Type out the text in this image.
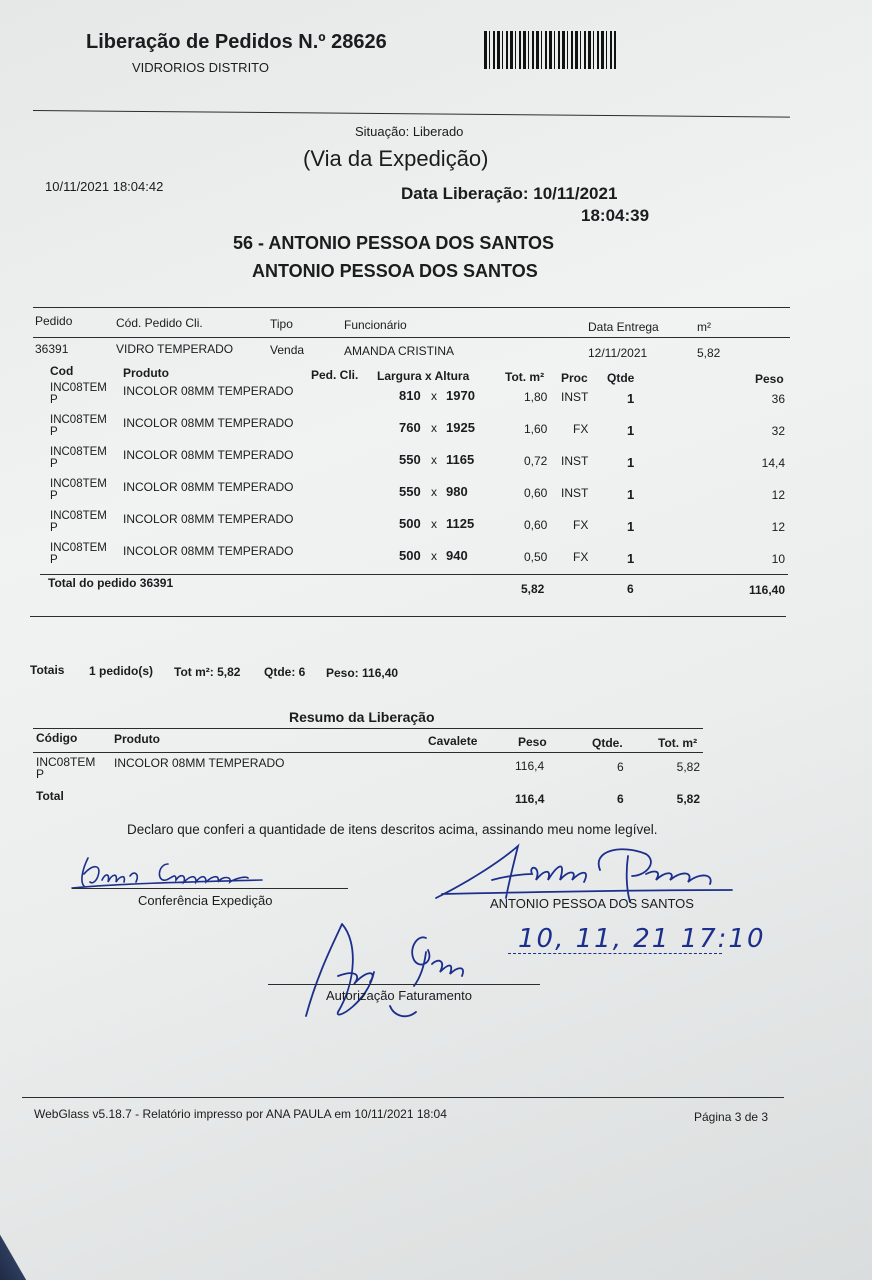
Liberação de Pedidos N.º 28626
VIDRORIOS DISTRITO
Situação: Liberado
(Via da Expedição)
10/11/2021 18:04:42	Data Liberação: 10/11/2021
18:04:39
56 - ANTONIO PESSOA DOS SANTOS
ANTONIO PESSOA DOS SANTOS
Pedido	Cód. Pedido Cli.	Tipo	Funcionário	Data Entrega	m²
36391	VIDRO TEMPERADO	Venda	AMANDA CRISTINA	12/11/2021	5,82
Cod	Produto	Ped. Cli. Largura x Altura	Tot. m² Proc Qtde	Peso
INC08TEM
P
INCOLOR 08MM TEMPERADO	810 x 1970	1,80 INST	1	36
INC08TEM
P
INCOLOR 08MM TEMPERADO	760 x 1925	1,60 FX	1	32
INC08TEM
P
INCOLOR 08MM TEMPERADO	550 x 1165	0,72 INST	1	14,4
INC08TEM
P
INCOLOR 08MM TEMPERADO	550 x 980	0,60 INST	1	12
INC08TEM
P
INCOLOR 08MM TEMPERADO	500 x 1125	0,60 FX	1	12
INC08TEM
P
INCOLOR 08MM TEMPERADO	500 x 940	0,50 FX	1	10
Total do pedido 36391	5,82	6	116,40
Totais 1 pedido(s) Tot m²: 5,82 Qtde: 6 Peso: 116,40
Resumo da Liberação
Código	Produto	Cavalete	Peso	Qtde.	Tot. m²
INC08TEM
P
INCOLOR 08MM TEMPERADO	116,4	6	5,82
Total	116,4	6	5,82
Declaro que conferi a quantidade de itens descritos acima, assinando meu nome legível.
Conferência Expedição	ANTONIO PESSOA DOS SANTOS
10, 11, 21 17:10
Autorização Faturamento
WebGlass v5.18.7 - Relatório impresso por ANA PAULA em 10/11/2021 18:04	Página 3 de 3
